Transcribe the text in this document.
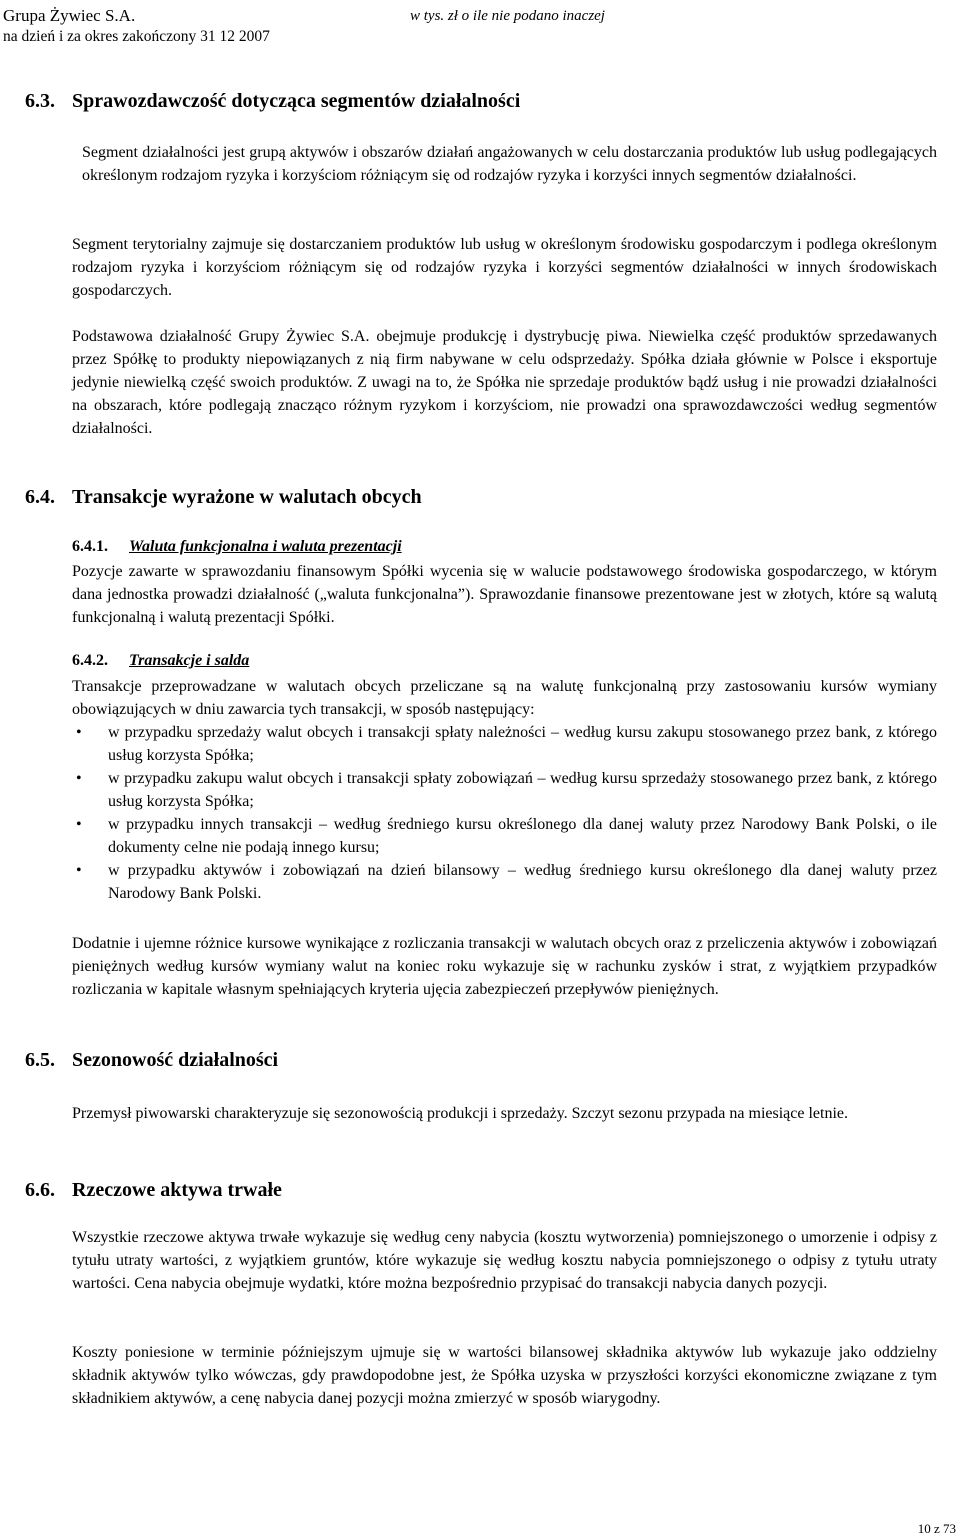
Grupa Żywiec S.A.	w tys. zł o ile nie podano inaczej
na dzień i za okres zakończony 31 12 2007
6.3. Sprawozdawczość dotycząca segmentów działalności

Segment działalności jest grupą aktywów i obszarów działań angażowanych w celu dostarczania produktów lub usług podlegających określonym rodzajom ryzyka i korzyściom różniącym się od rodzajów ryzyka i korzyści innych segmentów działalności.

Segment terytorialny zajmuje się dostarczaniem produktów lub usług w określonym środowisku gospodarczym i podlega określonym rodzajom ryzyka i korzyściom różniącym się od rodzajów ryzyka i korzyści segmentów działalności w innych środowiskach gospodarczych.

Podstawowa działalność Grupy Żywiec S.A. obejmuje produkcję i dystrybucję piwa. Niewielka część produktów sprzedawanych przez Spółkę to produkty niepowiązanych z nią firm nabywane w celu odsprzedaży. Spółka działa głównie w Polsce i eksportuje jedynie niewielką część swoich produktów. Z uwagi na to, że Spółka nie sprzedaje produktów bądź usług i nie prowadzi działalności na obszarach, które podlegają znacząco różnym ryzykom i korzyściom, nie prowadzi ona sprawozdawczości według segmentów działalności.

6.4. Transakcje wyrażone w walutach obcych
6.4.1. Waluta funkcjonalna i waluta prezentacji

Pozycje zawarte w sprawozdaniu finansowym Spółki wycenia się w walucie podstawowego środowiska gospodarczego, w którym dana jednostka prowadzi działalność („waluta funkcjonalna”). Sprawozdanie finansowe prezentowane jest w złotych, które są walutą funkcjonalną i walutą prezentacji Spółki.

6.4.2. Transakcje i salda

Transakcje przeprowadzane w walutach obcych przeliczane są na walutę funkcjonalną przy zastosowaniu kursów wymiany obowiązujących w dniu zawarcia tych transakcji, w sposób następujący:

• w przypadku sprzedaży walut obcych i transakcji spłaty należności – według kursu zakupu stosowanego przez bank, z którego usług korzysta Spółka;
• w przypadku zakupu walut obcych i transakcji spłaty zobowiązań – według kursu sprzedaży stosowanego przez bank, z którego usług korzysta Spółka;
• w przypadku innych transakcji – według średniego kursu określonego dla danej waluty przez Narodowy Bank Polski, o ile dokumenty celne nie podają innego kursu;
• w przypadku aktywów i zobowiązań na dzień bilansowy – według średniego kursu określonego dla danej waluty przez Narodowy Bank Polski.

Dodatnie i ujemne różnice kursowe wynikające z rozliczania transakcji w walutach obcych oraz z przeliczenia aktywów i zobowiązań pieniężnych według kursów wymiany walut na koniec roku wykazuje się w rachunku zysków i strat, z wyjątkiem przypadków rozliczania w kapitale własnym spełniających kryteria ujęcia zabezpieczeń przepływów pieniężnych.

6.5. Sezonowość działalności

Przemysł piwowarski charakteryzuje się sezonowością produkcji i sprzedaży. Szczyt sezonu przypada na miesiące letnie.

6.6. Rzeczowe aktywa trwałe

Wszystkie rzeczowe aktywa trwałe wykazuje się według ceny nabycia (kosztu wytworzenia) pomniejszonego o umorzenie i odpisy z tytułu utraty wartości, z wyjątkiem gruntów, które wykazuje się według kosztu nabycia pomniejszonego o odpisy z tytułu utraty wartości. Cena nabycia obejmuje wydatki, które można bezpośrednio przypisać do transakcji nabycia danych pozycji.

Koszty poniesione w terminie późniejszym ujmuje się w wartości bilansowej składnika aktywów lub wykazuje jako oddzielny składnik aktywów tylko wówczas, gdy prawdopodobne jest, że Spółka uzyska w przyszłości korzyści ekonomiczne związane z tym składnikiem aktywów, a cenę nabycia danej pozycji można zmierzyć w sposób wiarygodny.

10 z 73
